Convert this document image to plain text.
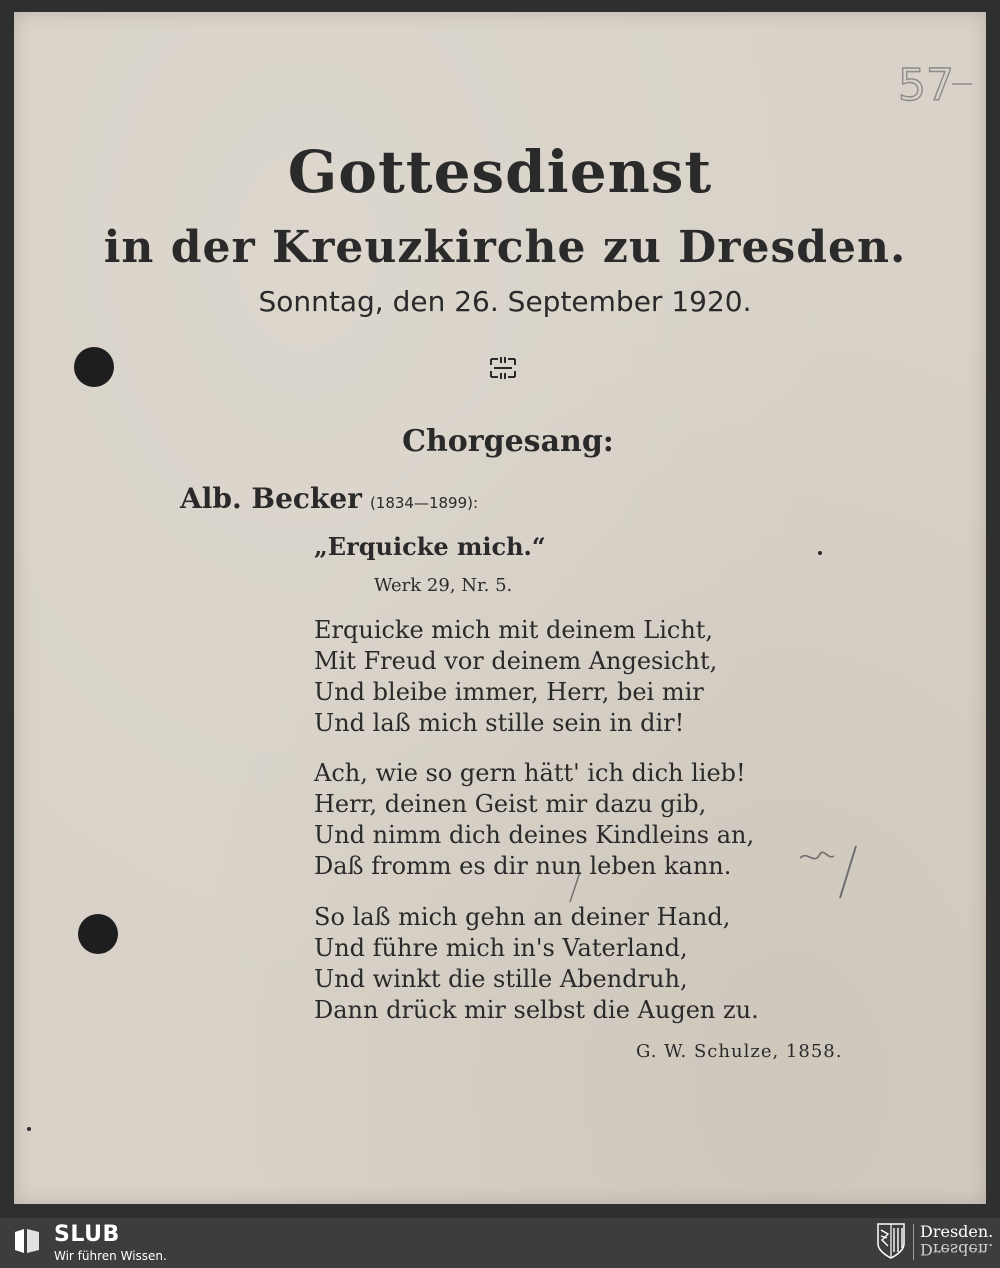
57
Gottesdienst
in der Kreuzkirche zu Dresden.
Sonntag, den 26. September 1920.
Chorgesang:
Alb. Becker (1834—1899):
„Erquicke mich.“
Werk 29, Nr. 5.
Erquicke mich mit deinem Licht,
Mit Freud vor deinem Angesicht,
Und bleibe immer, Herr, bei mir
Und laß mich stille sein in dir!
Ach, wie so gern hätt' ich dich lieb!
Herr, deinen Geist mir dazu gib,
Und nimm dich deines Kindleins an,
Daß fromm es dir nun leben kann.
So laß mich gehn an deiner Hand,
Und führe mich in's Vaterland,
Und winkt die stille Abendruh,
Dann drück mir selbst die Augen zu.
G. W. Schulze, 1858.
SLUB
Wir führen Wissen.
Dresden.
Dresden.
